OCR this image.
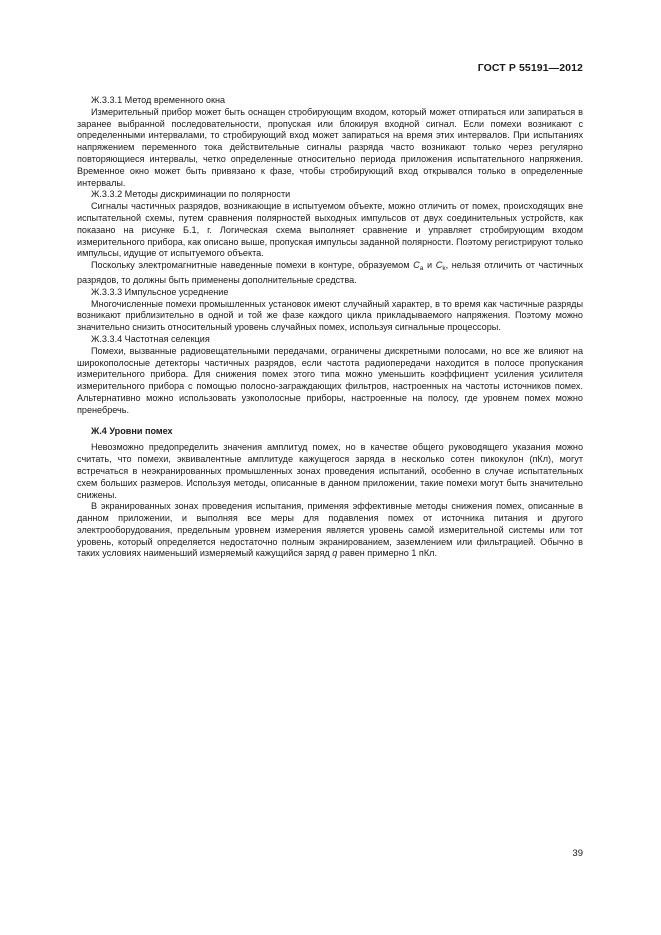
ГОСТ Р 55191—2012

Ж.3.3.1 Метод временного окна

Измерительный прибор может быть оснащен стробирующим входом, который может отпираться или запираться в заранее выбранной последовательности, пропуская или блокируя входной сигнал. Если помехи возникают с определенными интервалами, то стробирующий вход может запираться на время этих интервалов. При испытаниях напряжением переменного тока действительные сигналы разряда часто возникают только через регулярно повторяющиеся интервалы, четко определенные относительно периода приложения испытательного напряжения. Временное окно может быть привязано к фазе, чтобы стробирующий вход открывался только в определенные интервалы.

Ж.3.3.2 Методы дискриминации по полярности

Сигналы частичных разрядов, возникающие в испытуемом объекте, можно отличить от помех, происходящих вне испытательной схемы, путем сравнения полярностей выходных импульсов от двух соединительных устройств, как показано на рисунке Б.1, г. Логическая схема выполняет сравнение и управляет стробирующим входом измерительного прибора, как описано выше, пропуская импульсы заданной полярности. Поэтому регистрируют только импульсы, идущие от испытуемого объекта.

Поскольку электромагнитные наведенные помехи в контуре, образуемом $C_a$ и $C_k$, нельзя отличить от частичных разрядов, то должны быть применены дополнительные средства.

Ж.3.3.3 Импульсное усреднение

Многочисленные помехи промышленных установок имеют случайный характер, в то время как частичные разряды возникают приблизительно в одной и той же фазе каждого цикла прикладываемого напряжения. Поэтому можно значительно снизить относительный уровень случайных помех, используя сигнальные процессоры.

Ж.3.3.4 Частотная селекция

Помехи, вызванные радиовещательными передачами, ограничены дискретными полосами, но все же влияют на широкополосные детекторы частичных разрядов, если частота радиопередачи находится в полосе пропускания измерительного прибора. Для снижения помех этого типа можно уменьшить коэффициент усиления усилителя измерительного прибора с помощью полосно-заграждающих фильтров, настроенных на частоты источников помех. Альтернативно можно использовать узкополосные приборы, настроенные на полосу, где уровнем помех можно пренебречь.

Ж.4 Уровни помех

Невозможно предопределить значения амплитуд помех, но в качестве общего руководящего указания можно считать, что помехи, эквивалентные амплитуде кажущегося заряда в несколько сотен пикокулон (пКл), могут встречаться в неэкранированных промышленных зонах проведения испытаний, особенно в случае испытательных схем больших размеров. Используя методы, описанные в данном приложении, такие помехи могут быть значительно снижены.

В экранированных зонах проведения испытания, применяя эффективные методы снижения помех, описанные в данном приложении, и выполняя все меры для подавления помех от источника питания и другого электрооборудования, предельным уровнем измерения является уровень самой измерительной системы или тот уровень, который определяется недостаточно полным экранированием, заземлением или фильтрацией. Обычно в таких условиях наименьший измеряемый кажущийся заряд q равен примерно 1 пКл.

39
